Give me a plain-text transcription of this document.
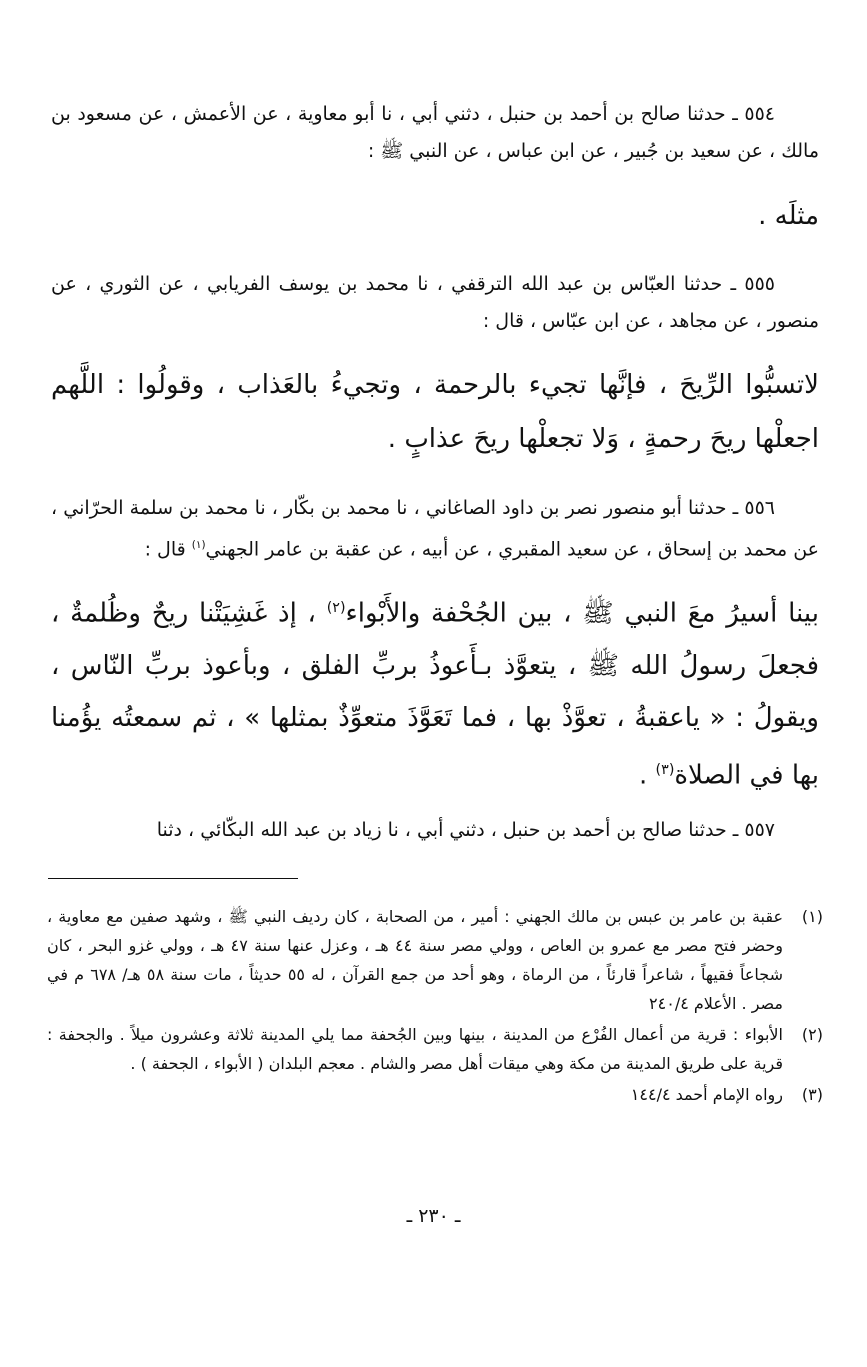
٥٥٤ ـ حدثنا صالح بن أحمد بن حنبل ، دثني أبي ، نا أبو معاوية ، عن الأعمش ، عن مسعود بن مالك ، عن سعيد بن جُبير ، عن ابن عباس ، عن النبي ﷺ :
مثلَه .
٥٥٥ ـ حدثنا العبّاس بن عبد الله الترقفي ، نا محمد بن يوسف الفريابي ، عن الثوري ، عن منصور ، عن مجاهد ، عن ابن عبّاس ، قال :
لاتسبُّوا الرِّيحَ ، فإنَّها تجيء بالرحمة ، وتجيءُ بالعَذاب ، وقولُوا : اللَّهم اجعلْها ريحَ رحمةٍ ، وَلا تجعلْها ريحَ عذابٍ .
٥٥٦ ـ حدثنا أبو منصور نصر بن داود الصاغاني ، نا محمد بن بكّار ، نا محمد بن سلمة الحرّاني ، عن محمد بن إسحاق ، عن سعيد المقبري ، عن أبيه ، عن عقبة بن عامر الجهني$^{(١)}$ قال :
بينا أسيرُ معَ النبي ﷺ ، بين الجُحْفة والأَبْواء$^{(٢)}$ ، إذ غَشِيَتْنا ريحٌ وظُلمةٌ ، فجعلَ رسولُ الله ﷺ ، يتعوَّذ بـأَعوذُ بربِّ الفلق ، وبأعوذ بربِّ النّاس ، ويقولُ : « ياعقبةُ ، تعوَّذْ بها ، فما تَعَوَّذَ متعوِّذٌ بمثلها » ، ثم سمعتُه يؤُمنا بها في الصلاة$^{(٣)}$ .
٥٥٧ ـ حدثنا صالح بن أحمد بن حنبل ، دثني أبي ، نا زياد بن عبد الله البكّائي ، دثنا
(١)
عقبة بن عامر بن عبس بن مالك الجهني : أمير ، من الصحابة ، كان رديف النبي ﷺ ، وشهد صفين مع معاوية ، وحضر فتح مصر مع عمرو بن العاص ، وولي مصر سنة ٤٤ هـ ، وعزل عنها سنة ٤٧ هـ ، وولي غزو البحر ، كان شجاعاً فقيهاً ، شاعراً قارئاً ، من الرماة ، وهو أحد من جمع القرآن ، له ٥٥ حديثاً ، مات سنة ٥٨ هـ/ ٦٧٨ م في مصر . الأعلام ٢٤٠/٤
(٢)
الأبواء : قرية من أعمال الفُرْع من المدينة ، بينها وبين الجُحفة مما يلي المدينة ثلاثة وعشرون ميلاً . والجحفة : قرية على طريق المدينة من مكة وهي ميقات أهل مصر والشام . معجم البلدان ( الأبواء ، الجحفة ) .
(٣)
رواه الإمام أحمد ١٤٤/٤
ـ ٢٣٠ ـ
